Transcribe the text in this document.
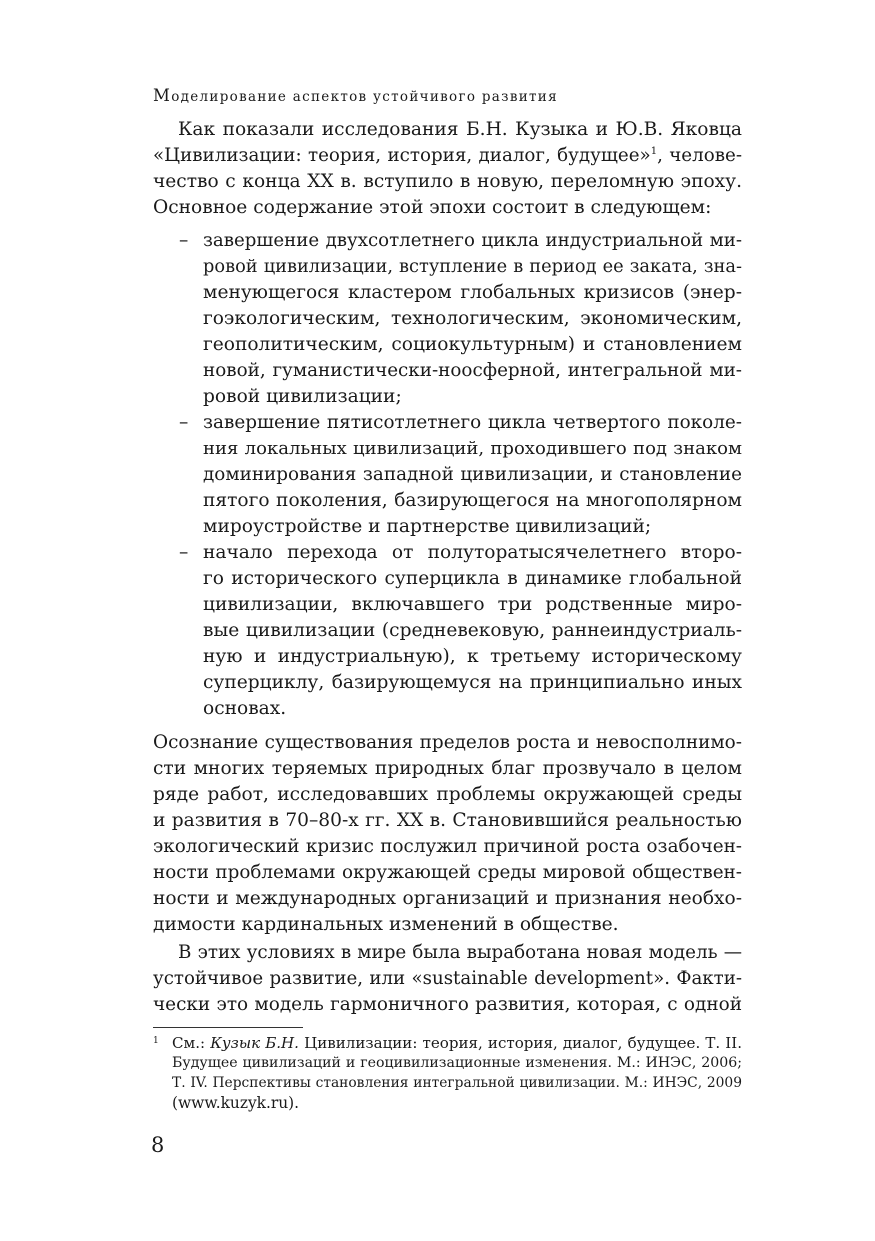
Моделирование аспектов устойчивого развития
Как показали исследования Б.Н. Кузыка и Ю.В. Яковца
«Цивилизации: теория, история, диалог, будущее»$^1$, челове-
чество с конца XX в. вступило в новую, переломную эпоху.
Основное содержание этой эпохи состоит в следующем:
– завершение двухсотлетнего цикла индустриальной ми-
ровой цивилизации, вступление в период ее заката, зна-
менующегося кластером глобальных кризисов (энер-
гоэкологическим, технологическим, экономическим,
геополитическим, социокультурным) и становлением
новой, гуманистически-ноосферной, интегральной ми-
ровой цивилизации;
– завершение пятисотлетнего цикла четвертого поколе-
ния локальных цивилизаций, проходившего под знаком
доминирования западной цивилизации, и становление
пятого поколения, базирующегося на многополярном
мироустройстве и партнерстве цивилизаций;
– начало перехода от полуторатысячелетнего второ-
го исторического суперцикла в динамике глобальной
цивилизации, включавшего три родственные миро-
вые цивилизации (средневековую, раннеиндустриаль-
ную и индустриальную), к третьему историческому
суперциклу, базирующемуся на принципиально иных
основах.
Осознание существования пределов роста и невосполнимо-
сти многих теряемых природных благ прозвучало в целом
ряде работ, исследовавших проблемы окружающей среды
и развития в 70–80-х гг. XX в. Становившийся реальностью
экологический кризис послужил причиной роста озабочен-
ности проблемами окружающей среды мировой обществен-
ности и международных организаций и признания необхо-
димости кардинальных изменений в обществе.
В этих условиях в мире была выработана новая модель —
устойчивое развитие, или «sustainable development». Факти-
чески это модель гармоничного развития, которая, с одной
1 См.: Кузык Б.Н. Цивилизации: теория, история, диалог, будущее. Т. II.
Будущее цивилизаций и геоцивилизационные изменения. М.: ИНЭС, 2006;
Т. IV. Перспективы становления интегральной цивилизации. М.: ИНЭС, 2009
(www.kuzyk.ru).
8
